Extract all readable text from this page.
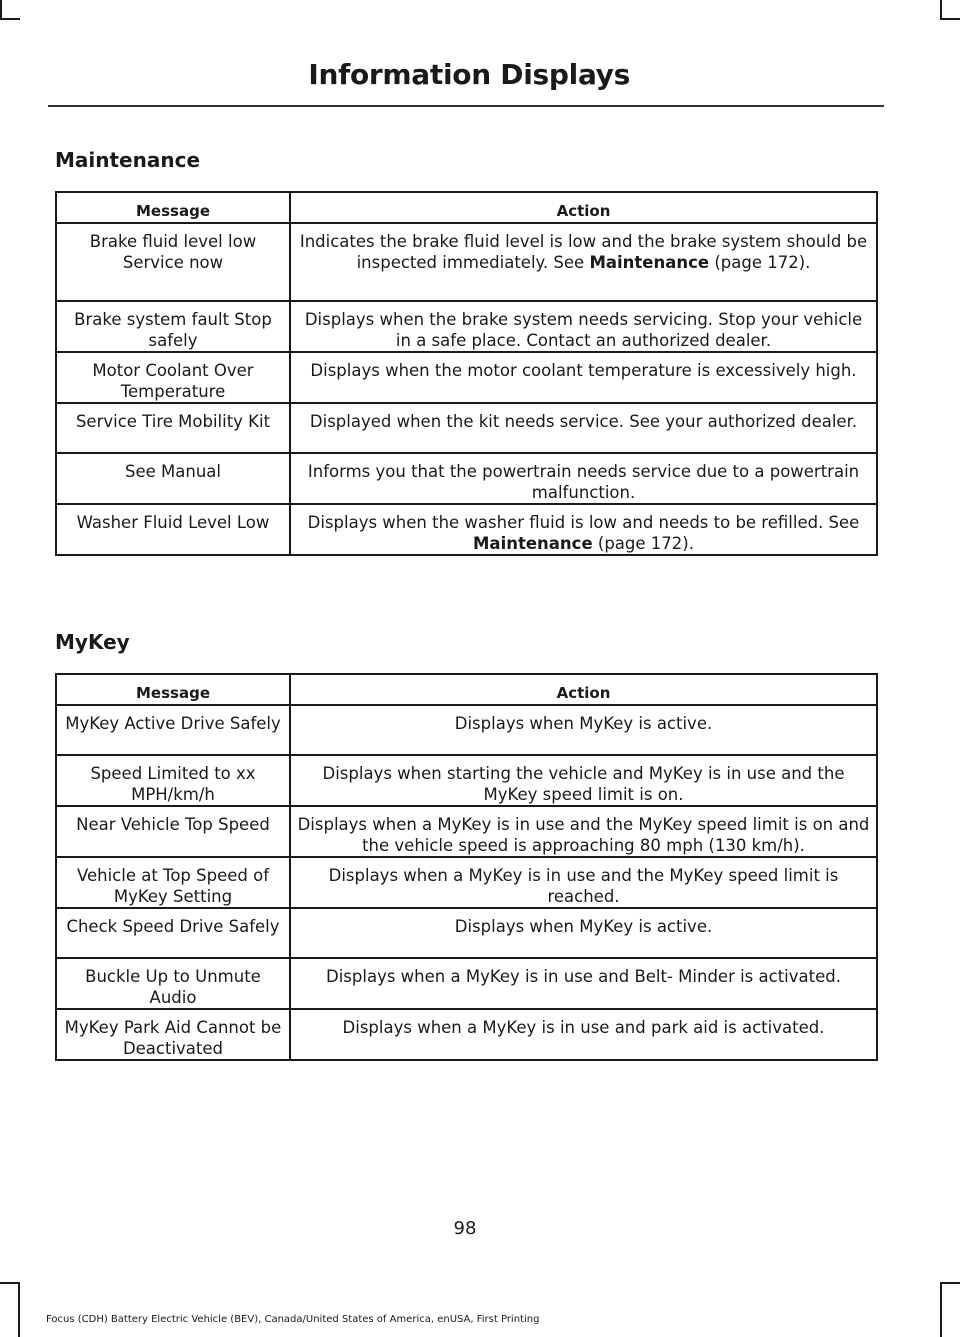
Information Displays
Maintenance
Message	Action
Brake fluid level low Service now	Indicates the brake fluid level is low and the brake system should be inspected immediately. See Maintenance (page 172).
Brake system fault Stop safely	Displays when the brake system needs servicing. Stop your vehicle in a safe place. Contact an authorized dealer.
Motor Coolant Over Temperature	Displays when the motor coolant temperature is excessively high.
Service Tire Mobility Kit	Displayed when the kit needs service. See your authorized dealer.
See Manual	Informs you that the powertrain needs service due to a powertrain malfunction.
Washer Fluid Level Low	Displays when the washer fluid is low and needs to be refilled. See Maintenance (page 172).
MyKey
Message	Action
MyKey Active Drive Safely	Displays when MyKey is active.
Speed Limited to xx MPH/km/h	Displays when starting the vehicle and MyKey is in use and the MyKey speed limit is on.
Near Vehicle Top Speed	Displays when a MyKey is in use and the MyKey speed limit is on and the vehicle speed is approaching 80 mph (130 km/h).
Vehicle at Top Speed of MyKey Setting	Displays when a MyKey is in use and the MyKey speed limit is reached.
Check Speed Drive Safely	Displays when MyKey is active.
Buckle Up to Unmute Audio	Displays when a MyKey is in use and Belt- Minder is activated.
MyKey Park Aid Cannot be Deactivated	Displays when a MyKey is in use and park aid is activated.
98
Focus (CDH) Battery Electric Vehicle (BEV), Canada/United States of America, enUSA, First Printing
